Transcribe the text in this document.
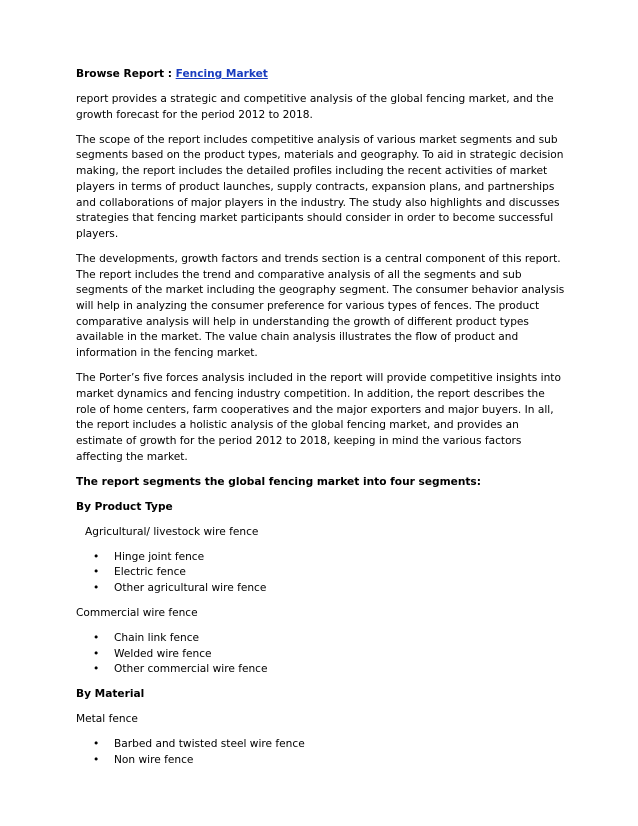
Browse Report : Fencing Market

report provides a strategic and competitive analysis of the global fencing market, and the growth forecast for the period 2012 to 2018.

The scope of the report includes competitive analysis of various market segments and sub segments based on the product types, materials and geography. To aid in strategic decision making, the report includes the detailed profiles including the recent activities of market players in terms of product launches, supply contracts, expansion plans, and partnerships and collaborations of major players in the industry. The study also highlights and discusses strategies that fencing market participants should consider in order to become successful players.

The developments, growth factors and trends section is a central component of this report. The report includes the trend and comparative analysis of all the segments and sub segments of the market including the geography segment. The consumer behavior analysis will help in analyzing the consumer preference for various types of fences. The product comparative analysis will help in understanding the growth of different product types available in the market. The value chain analysis illustrates the flow of product and information in the fencing market.

The Porter’s five forces analysis included in the report will provide competitive insights into market dynamics and fencing industry competition. In addition, the report describes the role of home centers, farm cooperatives and the major exporters and major buyers. In all, the report includes a holistic analysis of the global fencing market, and provides an estimate of growth for the period 2012 to 2018, keeping in mind the various factors affecting the market.

The report segments the global fencing market into four segments:

By Product Type

Agricultural/ livestock wire fence

• Hinge joint fence
• Electric fence
• Other agricultural wire fence

Commercial wire fence

• Chain link fence
• Welded wire fence
• Other commercial wire fence

By Material

Metal fence

• Barbed and twisted steel wire fence
• Non wire fence
